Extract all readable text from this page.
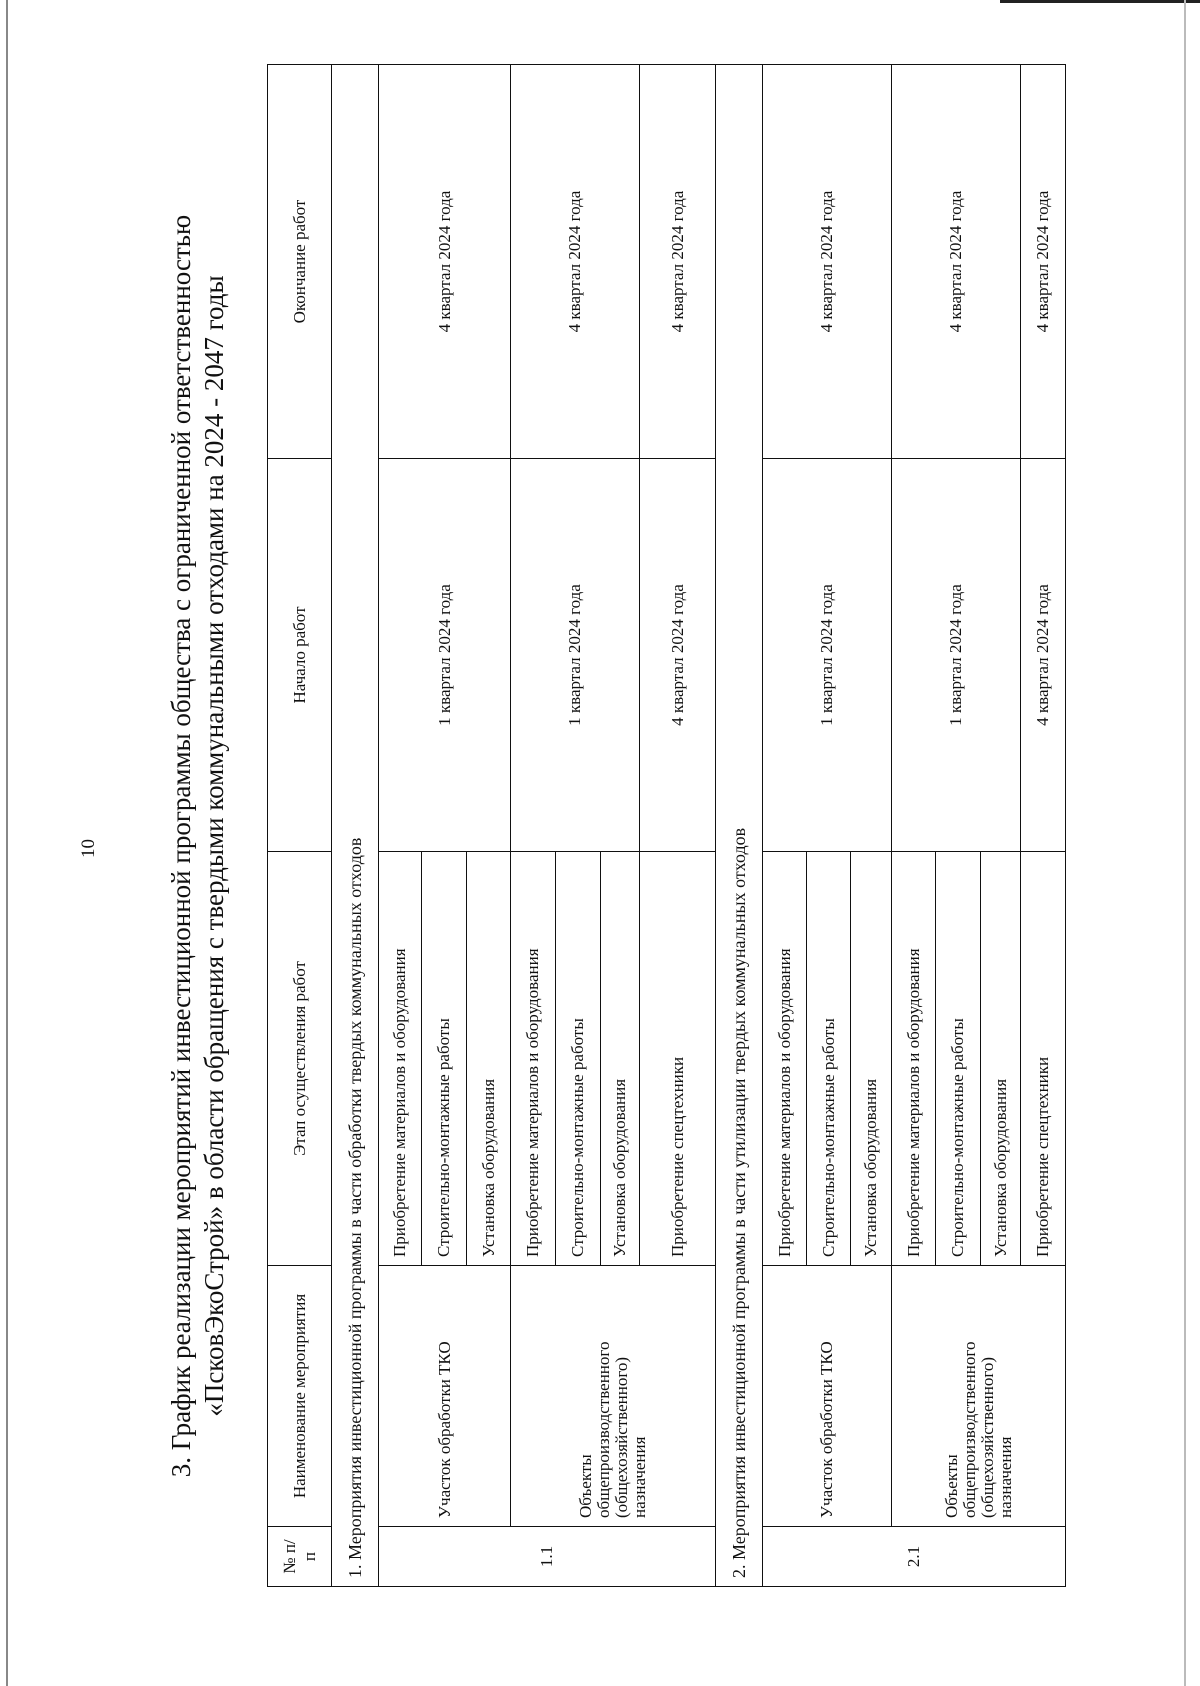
10 3. График реализации мероприятий инвестиционной программы общества с ограниченной ответственностью «ПсковЭкоСтрой» в области обращения с твердыми коммунальными отходами на 2024 - 2047 годы
№ п/п	Наименование мероприятия	Этап осуществления работ	Начало работ	Окончание работ
1. Мероприятия инвестиционной программы в части обработки твердых коммунальных отходов				
1.1	Участок обработки ТКО	Приобретение материалов и оборудования	1 квартал 2024 года	4 квартал 2024 года
		Строительно-монтажные работы		
		Установка оборудования		
	Объекты общепроизводственного (общехозяйственного) назначения	Приобретение материалов и оборудования	1 квартал 2024 года	4 квартал 2024 года
		Строительно-монтажные работы		
		Установка оборудования		
		Приобретение спецтехники	4 квартал 2024 года	4 квартал 2024 года
2. Мероприятия инвестиционной программы в части утилизации твердых коммунальных отходов				
2.1	Участок обработки ТКО	Приобретение материалов и оборудования	1 квартал 2024 года	4 квартал 2024 года
		Строительно-монтажные работы		
		Установка оборудования		
	Объекты общепроизводственного (общехозяйственного) назначения	Приобретение материалов и оборудования	1 квартал 2024 года	4 квартал 2024 года
		Строительно-монтажные работы		
		Установка оборудования		
		Приобретение спецтехники	4 квартал 2024 года	4 квартал 2024 года
